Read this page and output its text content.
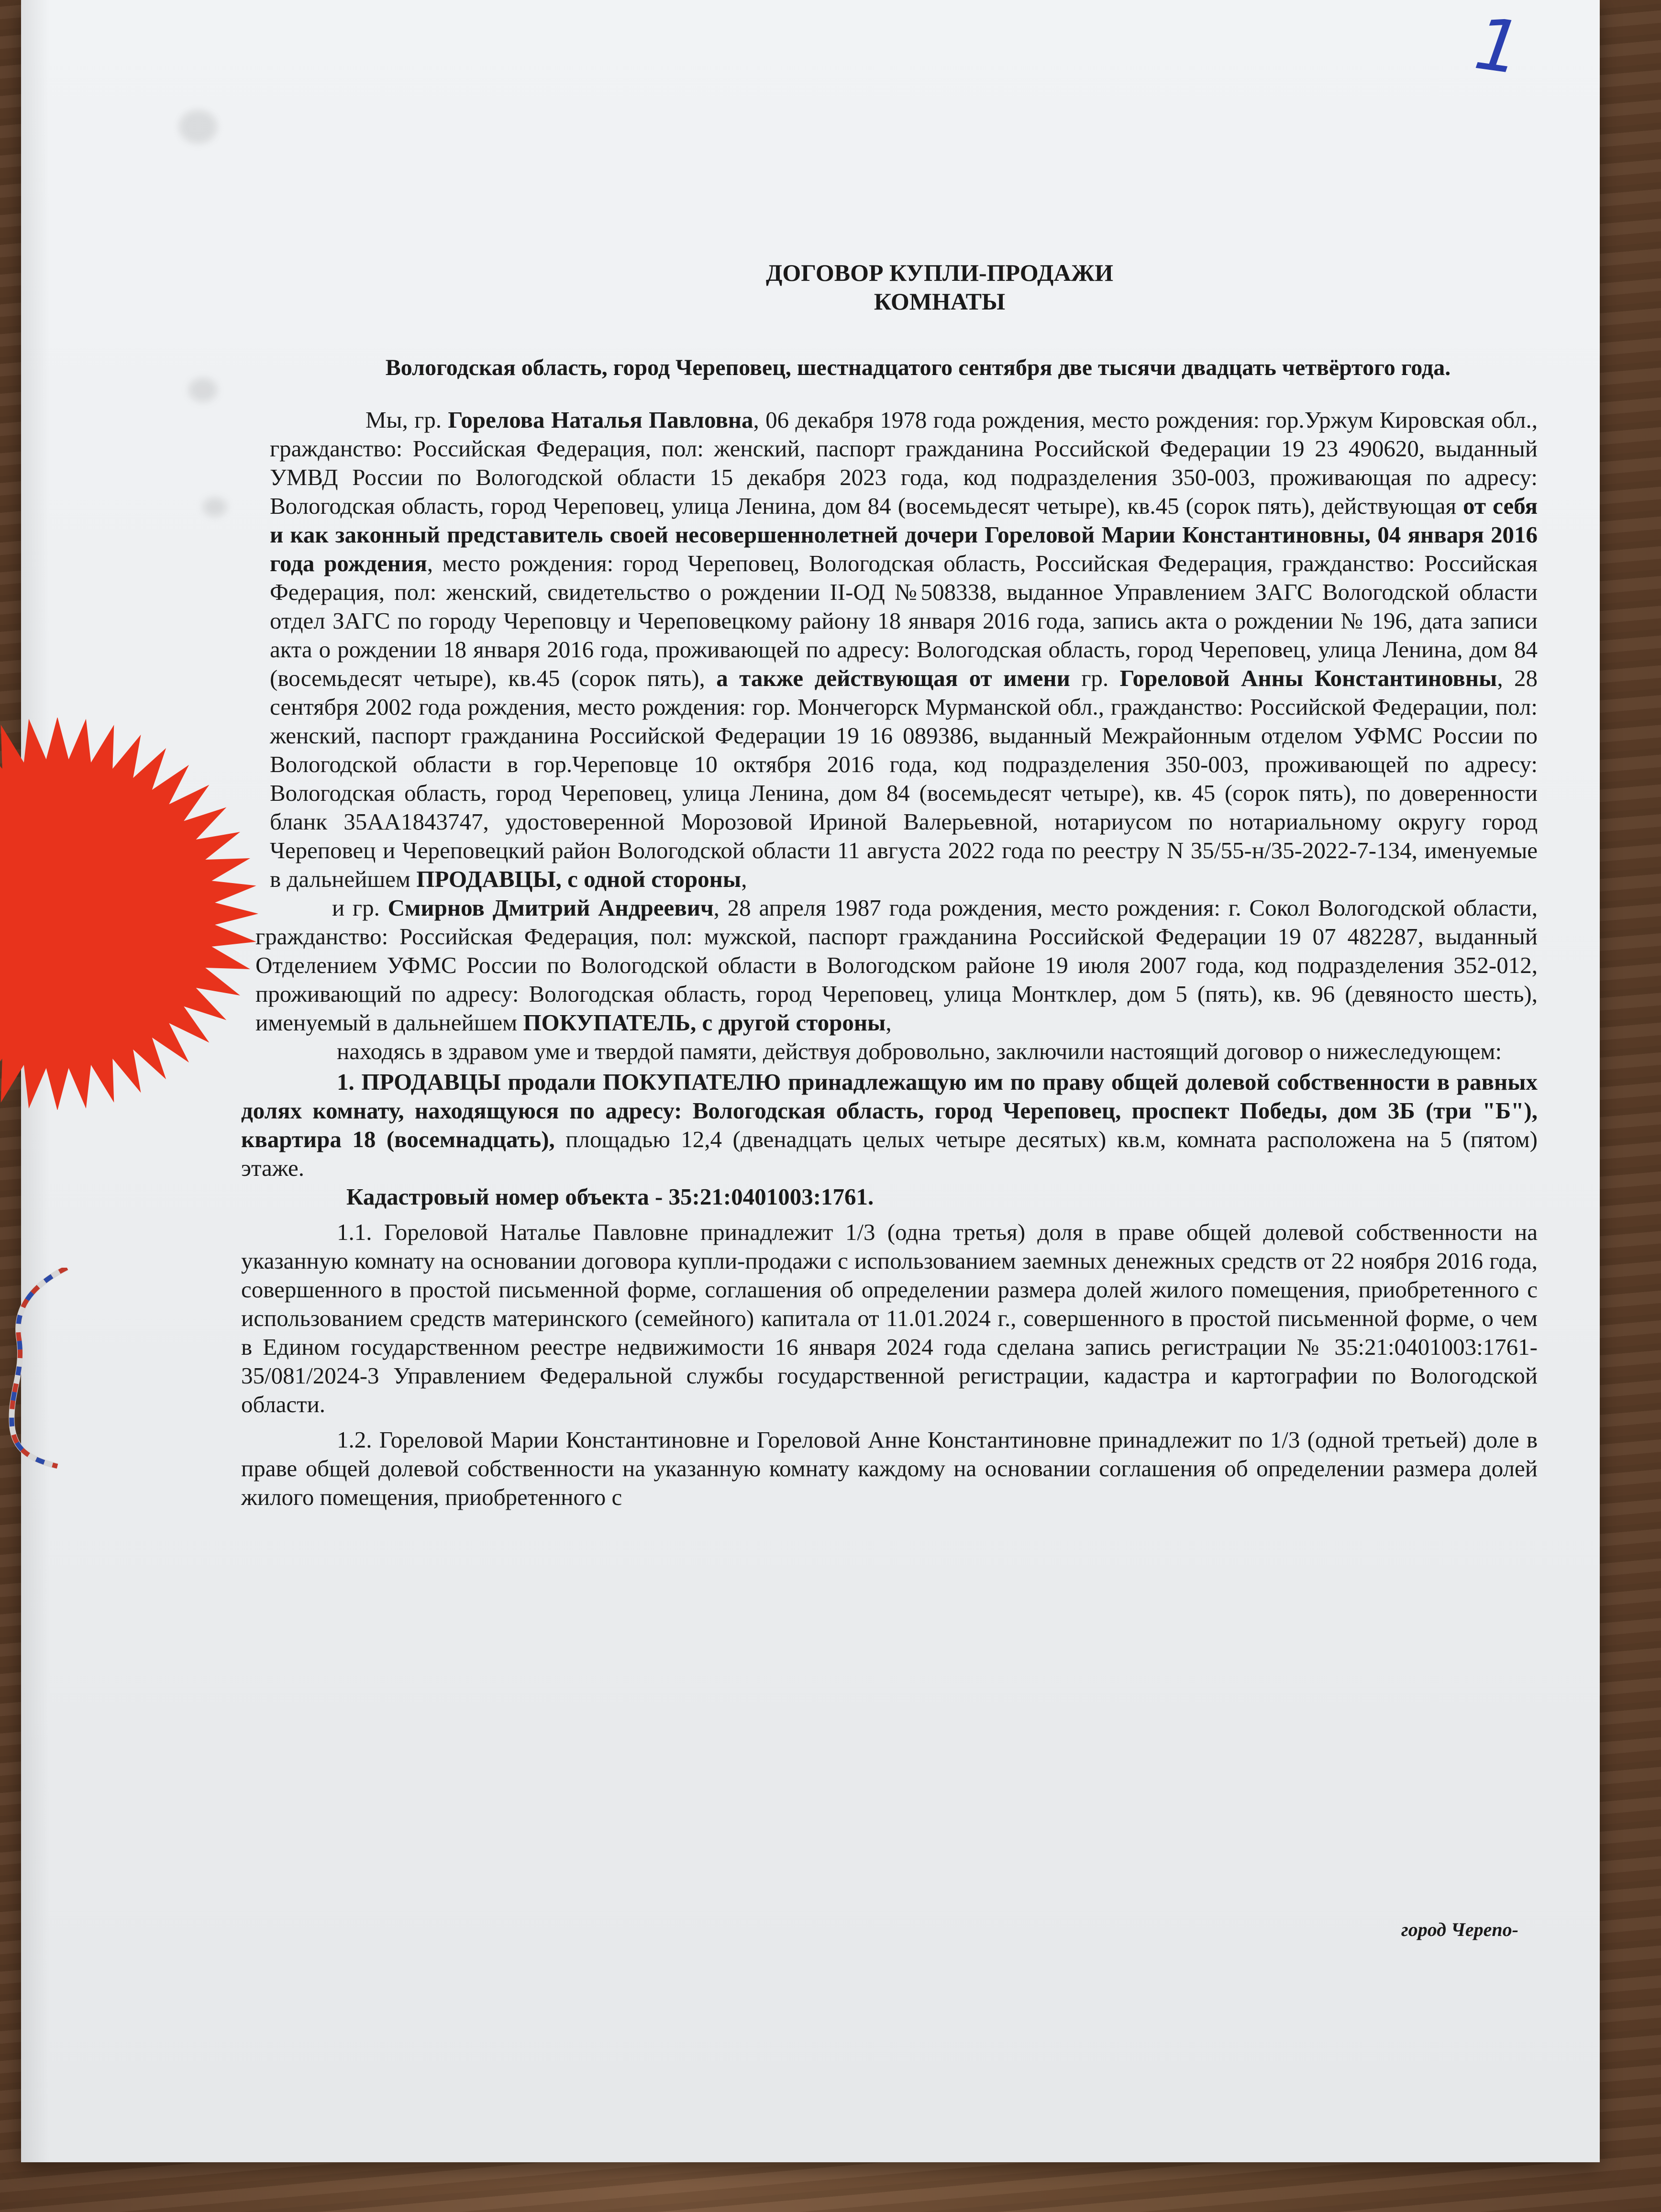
1
ДОГОВОР КУПЛИ-ПРОДАЖИ
КОМНАТЫ
Вологодская область, город Череповец, шестнадцатого сентября две тысячи двадцать четвёртого года.

Мы, гр. Горелова Наталья Павловна, 06 декабря 1978 года рождения, место рождения: гор.Уржум Кировская обл., гражданство: Российская Федерация, пол: женский, паспорт гражданина Российской Федерации 19 23 490620, выданный УМВД России по Вологодской области 15 декабря 2023 года, код подразделения 350-003, проживающая по адресу: Вологодская область, город Череповец, улица Ленина, дом 84 (восемьдесят четыре), кв.45 (сорок пять), действующая от себя и как законный представитель своей несовершеннолетней дочери Гореловой Марии Константиновны, 04 января 2016 года рождения, место рождения: город Череповец, Вологодская область, Российская Федерация, гражданство: Российская Федерация, пол: женский, свидетельство о рождении II-ОД №508338, выданное Управлением ЗАГС Вологодской области отдел ЗАГС по городу Череповцу и Череповецкому району 18 января 2016 года, запись акта о рождении № 196, дата записи акта о рождении 18 января 2016 года, проживающей по адресу: Вологодская область, город Череповец, улица Ленина, дом 84 (восемьдесят четыре), кв.45 (сорок пять), а также действующая от имени гр. Гореловой Анны Константиновны, 28 сентября 2002 года рождения, место рождения: гор. Мончегорск Мурманской обл., гражданство: Российской Федерации, пол: женский, паспорт гражданина Российской Федерации 19 16 089386, выданный Межрайонным отделом УФМС России по Вологодской области в гор.Череповце 10 октября 2016 года, код подразделения 350-003, проживающей по адресу: Вологодская область, город Череповец, улица Ленина, дом 84 (восемьдесят четыре), кв. 45 (сорок пять), по доверенности бланк 35АА1843747, удостоверенной Морозовой Ириной Валерьевной, нотариусом по нотариальному округу город Череповец и Череповецкий район Вологодской области 11 августа 2022 года по реестру N 35/55-н/35-2022-7-134, именуемые в дальнейшем ПРОДАВЦЫ, с одной стороны,

и гр. Смирнов Дмитрий Андреевич, 28 апреля 1987 года рождения, место рождения: г. Сокол Вологодской области, гражданство: Российская Федерация, пол: мужской, паспорт гражданина Российской Федерации 19 07 482287, выданный Отделением УФМС России по Вологодской области в Вологодском районе 19 июля 2007 года, код подразделения 352-012, проживающий по адресу: Вологодская область, город Череповец, улица Монтклер, дом 5 (пять), кв. 96 (девяносто шесть), именуемый в дальнейшем ПОКУПАТЕЛЬ, с другой стороны,

находясь в здравом уме и твердой памяти, действуя добровольно, заключили настоящий договор о нижеследующем:

1. ПРОДАВЦЫ продали ПОКУПАТЕЛЮ принадлежащую им по праву общей долевой собственности в равных долях комнату, находящуюся по адресу: Вологодская область, город Череповец, проспект Победы, дом 3Б (три "Б"), квартира 18 (восемнадцать), площадью 12,4 (двенадцать целых четыре десятых) кв.м, комната расположена на 5 (пятом) этаже.

Кадастровый номер объекта - 35:21:0401003:1761.

1.1. Гореловой Наталье Павловне принадлежит 1/3 (одна третья) доля в праве общей долевой собственности на указанную комнату на основании договора купли-продажи с использованием заемных денежных средств от 22 ноября 2016 года, совершенного в простой письменной форме, соглашения об определении размера долей жилого помещения, приобретенного с использованием средств материнского (семейного) капитала от 11.01.2024 г., совершенного в простой письменной форме, о чем в Едином государственном реестре недвижимости 16 января 2024 года сделана запись регистрации № 35:21:0401003:1761-35/081/2024-3 Управлением Федеральной службы государственной регистрации, кадастра и картографии по Вологодской области.

1.2. Гореловой Марии Константиновне и Гореловой Анне Константиновне принадлежит по 1/3 (одной третьей) доле в праве общей долевой собственности на указанную комнату каждому на основании соглашения об определении размера долей жилого помещения, приобретенного с

город Черепо-
